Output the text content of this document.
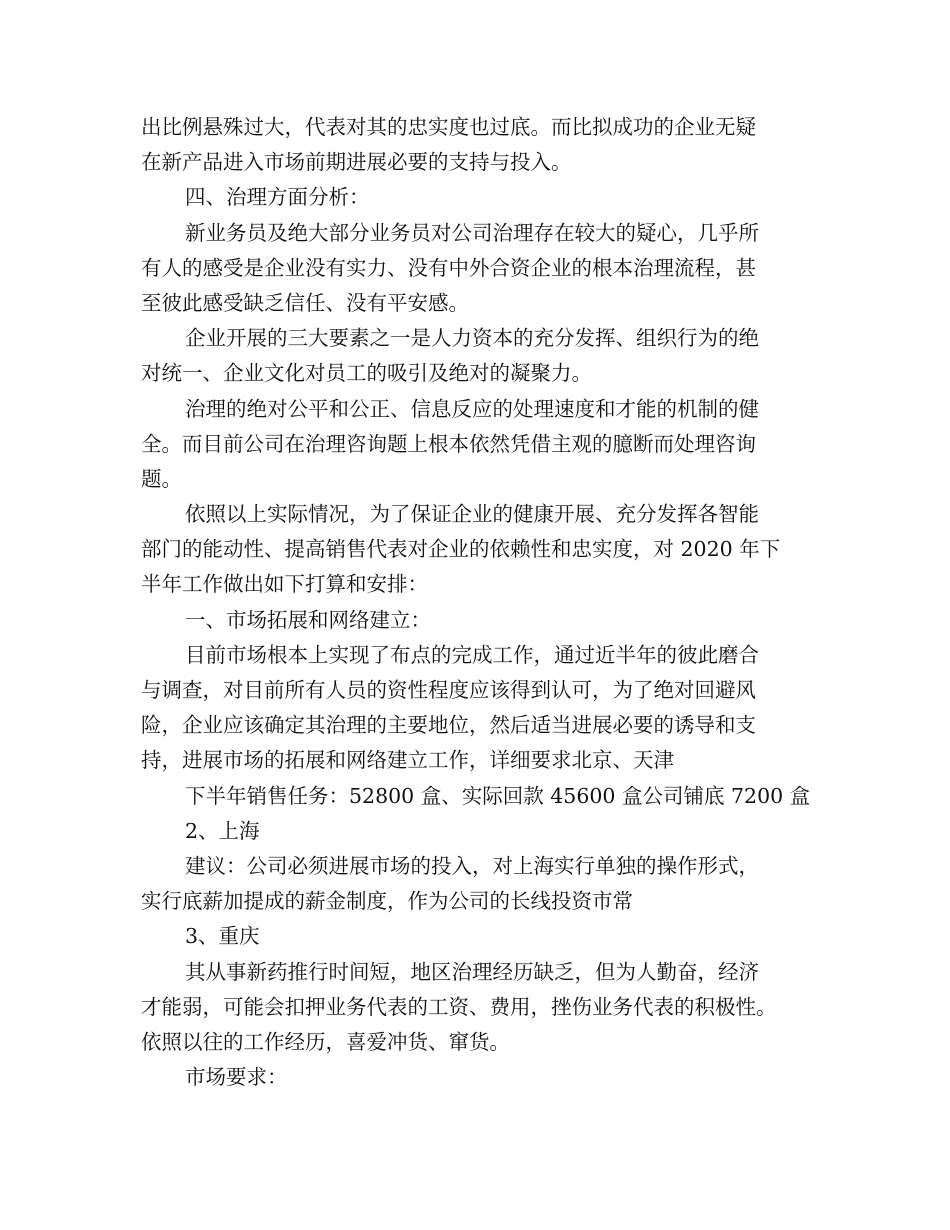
出比例悬殊过大，代表对其的忠实度也过底。而比拟成功的企业无疑
在新产品进入市场前期进展必要的支持与投入。
四、治理方面分析：
新业务员及绝大部分业务员对公司治理存在较大的疑心，几乎所
有人的感受是企业没有实力、没有中外合资企业的根本治理流程，甚
至彼此感受缺乏信任、没有平安感。
企业开展的三大要素之一是人力资本的充分发挥、组织行为的绝
对统一、企业文化对员工的吸引及绝对的凝聚力。
治理的绝对公平和公正、信息反应的处理速度和才能的机制的健
全。而目前公司在治理咨询题上根本依然凭借主观的臆断而处理咨询
题。
依照以上实际情况，为了保证企业的健康开展、充分发挥各智能
部门的能动性、提高销售代表对企业的依赖性和忠实度，对 2020 年下
半年工作做出如下打算和安排：
一、市场拓展和网络建立：
目前市场根本上实现了布点的完成工作，通过近半年的彼此磨合
与调查，对目前所有人员的资性程度应该得到认可，为了绝对回避风
险，企业应该确定其治理的主要地位，然后适当进展必要的诱导和支
持，进展市场的拓展和网络建立工作，详细要求北京、天津
下半年销售任务：52800 盒、实际回款 45600 盒公司铺底 7200 盒
2、上海
建议：公司必须进展市场的投入，对上海实行单独的操作形式，
实行底薪加提成的薪金制度，作为公司的长线投资市常
3、重庆
其从事新药推行时间短，地区治理经历缺乏，但为人勤奋，经济
才能弱，可能会扣押业务代表的工资、费用，挫伤业务代表的积极性。
依照以往的工作经历，喜爱冲货、窜货。
市场要求：
